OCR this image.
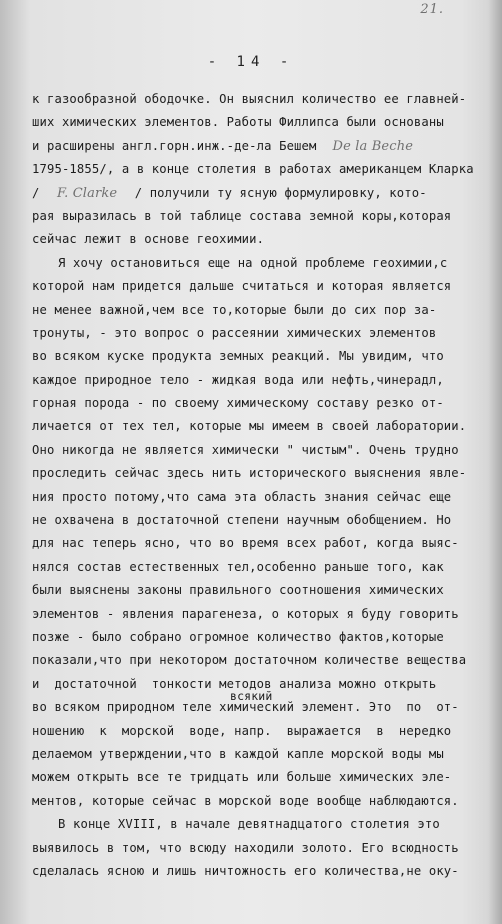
21.
- 14 -
к газообразной ободочке. Он выяснил количество ее главней-
ших химических элементов. Работы Филлипса были основаны
и расширены англ.горн.инж.-де-ла Бешем De la Beche
1795-1855/, а в конце столетия в работах американцем Кларка
/ F. Clarke / получили ту ясную формулировку, кото-
рая выразилась в той таблице состава земной коры,которая
сейчас лежит в основе геохимии.
Я хочу остановиться еще на одной проблеме геохимии,с
которой нам придется дальше считаться и которая является
не менее важной,чем все то,которые были до сих пор за-
тронуты, - это вопрос о рассеянии химических элементов
во всяком куске продукта земных реакций. Мы увидим, что
каждое природное тело - жидкая вода или нефть,чинерадл,
горная порода - по своему химическому составу резко от-
личается от тех тел, которые мы имеем в своей лаборатории.
Оно никогда не является химически " чистым". Очень трудно
проследить сейчас здесь нить исторического выяснения явле-
ния просто потому,что сама эта область знания сейчас еще
не охвачена в достаточной степени научным обобщением. Но
для нас теперь ясно, что во время всех работ, когда выяс-
нялся состав естественных тел,особенно раньше того, как
были выяснены законы правильного соотношения химических
элементов - явления парагенеза, о которых я буду говорить
позже - было собрано огромное количество фактов,которые
показали,что при некотором достаточном количестве вещества
и  достаточной  тонкости методов анализа можно открыть
во всяком природном теле химический элемент. Это  по  от-
всякий
ношению  к  морской  воде, напр.  выражается  в  нередко
делаемом утверждении,что в каждой капле морской воды мы
можем открыть все те тридцать или больше химических эле-
ментов, которые сейчас в морской воде вообще наблюдаются.
В конце XVIII, в начале девятнадцатого столетия это
выявилось в том, что всюду находили золото. Его всюдность
сделалась ясною и лишь ничтожность его количества,не оку-
